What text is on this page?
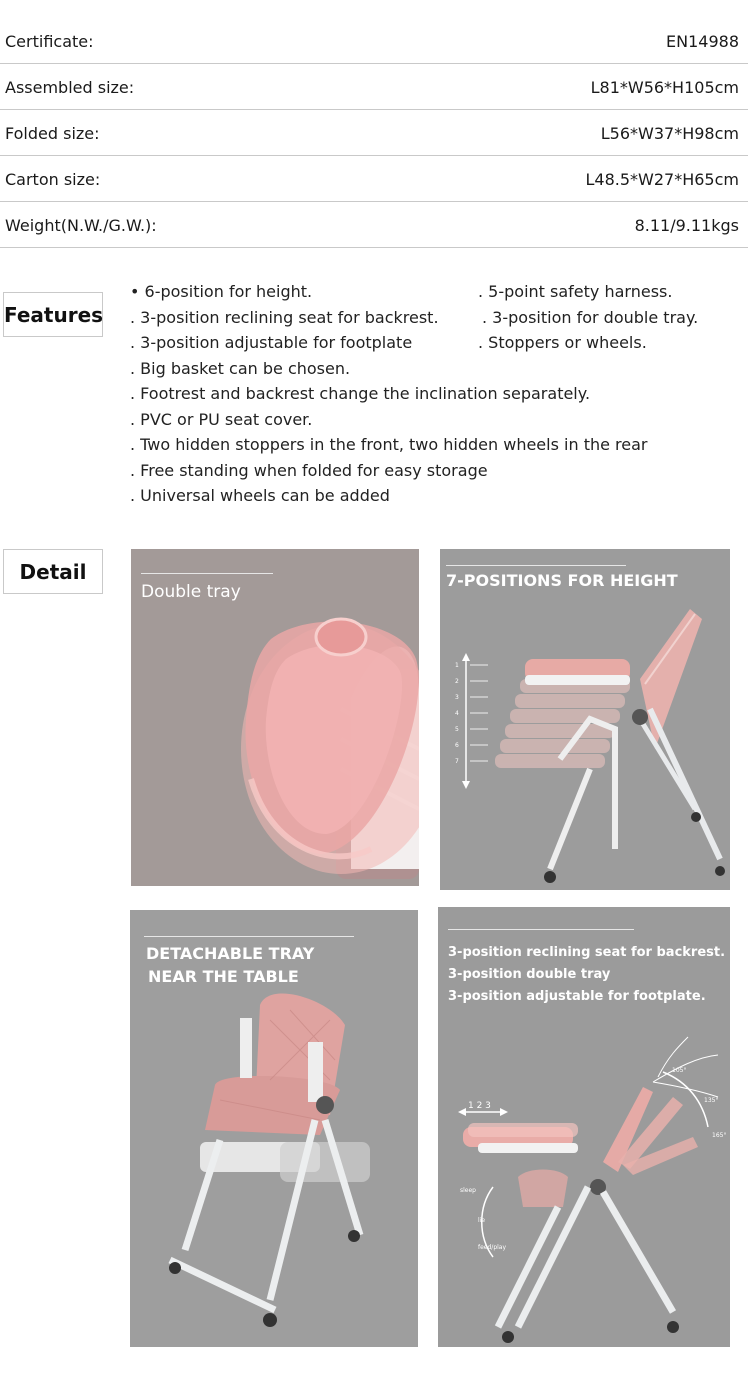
Certificate:	EN14988
Assembled size:	L81*W56*H105cm
Folded size:	L56*W37*H98cm
Carton size:	L48.5*W27*H65cm
Weight(N.W./G.W.):	8.11/9.11kgs
Features
• 6-position for height.
. 3-position reclining seat for backrest.
. 3-position adjustable for footplate
. Big basket can be chosen.
. Footrest and backrest change the inclination separately.
. PVC or PU seat cover.
. Two hidden stoppers in the front, two hidden wheels in the rear
. Free standing when folded for easy storage
. Universal wheels can be added
. 5-point safety harness.
. 3-position for double tray.
. Stoppers or wheels.
Detail
Double tray
7-POSITIONS FOR HEIGHT
1
2
3
4
5
6
7
DETACHABLE TRAY
NEAR THE TABLE
3-position reclining seat for backrest.
3-position double tray
3-position adjustable for footplate.
1 2 3
105°
135°
165°
sleep
lie
feed/play
